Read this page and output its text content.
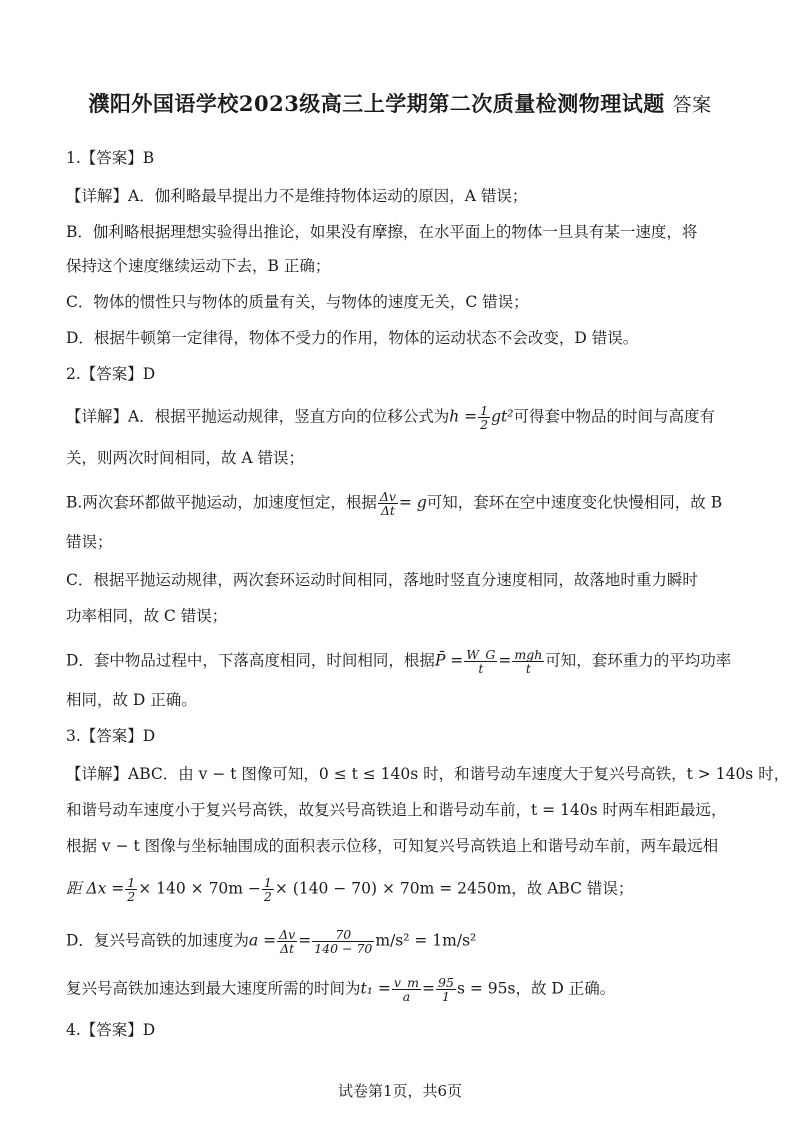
濮阳外国语学校2023级高三上学期第二次质量检测物理试题 答案
1.【答案】B
【详解】A．伽利略最早提出力不是维持物体运动的原因，A 错误；
B．伽利略根据理想实验得出推论，如果没有摩擦，在水平面上的物体一旦具有某一速度，将
保持这个速度继续运动下去，B 正确；
C．物体的惯性只与物体的质量有关，与物体的速度无关，C 错误；
D．根据牛顿第一定律得，物体不受力的作用，物体的运动状态不会改变，D 错误。
2.【答案】D
【详解】A．根据平抛运动规律，竖直方向的位移公式为$h = \frac{1}{2} gt^2$可得套中物品的时间与高度有
关，则两次时间相同，故 A 错误；
B.两次套环都做平抛运动，加速度恒定，根据 $\frac{\Delta v}{\Delta t} = g$可知，套环在空中速度变化快慢相同，故 B
错误；
C．根据平抛运动规律，两次套环运动时间相同，落地时竖直分速度相同，故落地时重力瞬时
功率相同，故 C 错误；
D．套中物品过程中，下落高度相同，时间相同，根据P̄ = $\frac{W\_G}{t} = \frac{\text{mgh}}{t}$ 可知，套环重力的平均功率
相同，故 D 正确。
3.【答案】D
【详解】ABC．由 v − t 图像可知，0 ≤ t ≤ 140s 时，和谐号动车速度大于复兴号高铁，t > 140s 时，
和谐号动车速度小于复兴号高铁，故复兴号高铁追上和谐号动车前，t = 140s 时两车相距最远，
根据 v − t 图像与坐标轴围成的面积表示位移，可知复兴号高铁追上和谐号动车前，两车最远相
距 $\Delta x = \frac{1}{2} \times 140 \times 70m - \frac{1}{2} \times (140 - 70) \times 70m = 2450m$，故 ABC 错误；
D．复兴号高铁的加速度为$a = \frac{\Delta v}{\Delta t} = \frac{70}{140 - 70} m/s^2 = 1m/s^2$
复兴号高铁加速达到最大速度所需的时间为$t_1 = \frac{v\_m}{a} = \frac{95}{1}$ s = 95s，故 D 正确。
4.【答案】D
试卷第1页，共6页
